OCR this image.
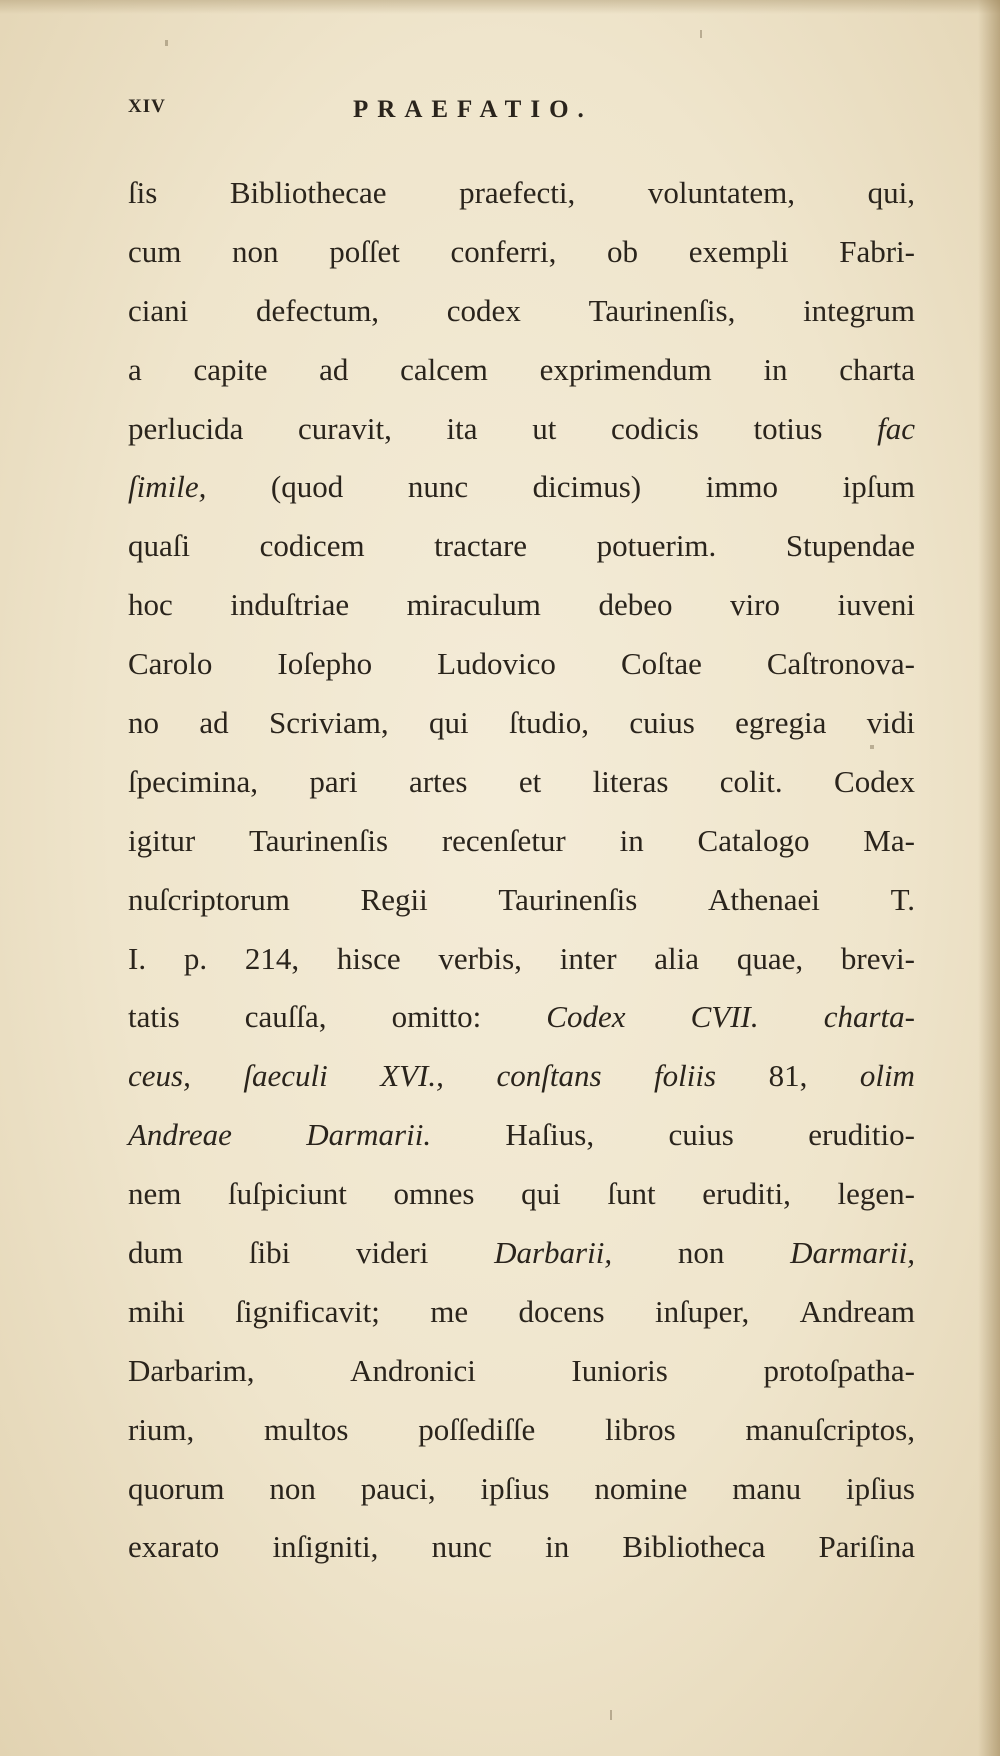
XIV	PRAEFATIO.
ſis Bibliothecae praefecti, voluntatem, qui,
cum non poſſet conferri, ob exempli Fabri-
ciani defectum, codex Taurinenſis, integrum
a capite ad calcem exprimendum in charta
perlucida curavit, ita ut codicis totius fac
ſimile, (quod nunc dicimus) immo ipſum
quaſi codicem tractare potuerim. Stupendae
hoc induſtriae miraculum debeo viro iuveni
Carolo Ioſepho Ludovico Coſtae Caſtronova-
no ad Scriviam, qui ſtudio, cuius egregia vidi
ſpecimina, pari artes et literas colit. Codex
igitur Taurinenſis recenſetur in Catalogo Ma-
nuſcriptorum Regii Taurinenſis Athenaei T.
I. p. 214, hisce verbis, inter alia quae, brevi-
tatis cauſſa, omitto: Codex CVII. charta-
ceus, ſaeculi XVI., conſtans foliis 81, olim
Andreae Darmarii. Haſius, cuius eruditio-
nem ſuſpiciunt omnes qui ſunt eruditi, legen-
dum ſibi videri Darbarii, non Darmarii,
mihi ſignificavit; me docens inſuper, Andream
Darbarim,	Andronici	Iunioris	protoſpatha-
rium, multos poſſediſſe libros manuſcriptos,
quorum non pauci, ipſius nomine manu ipſius
exarato inſigniti, nunc in Bibliotheca Pariſina
